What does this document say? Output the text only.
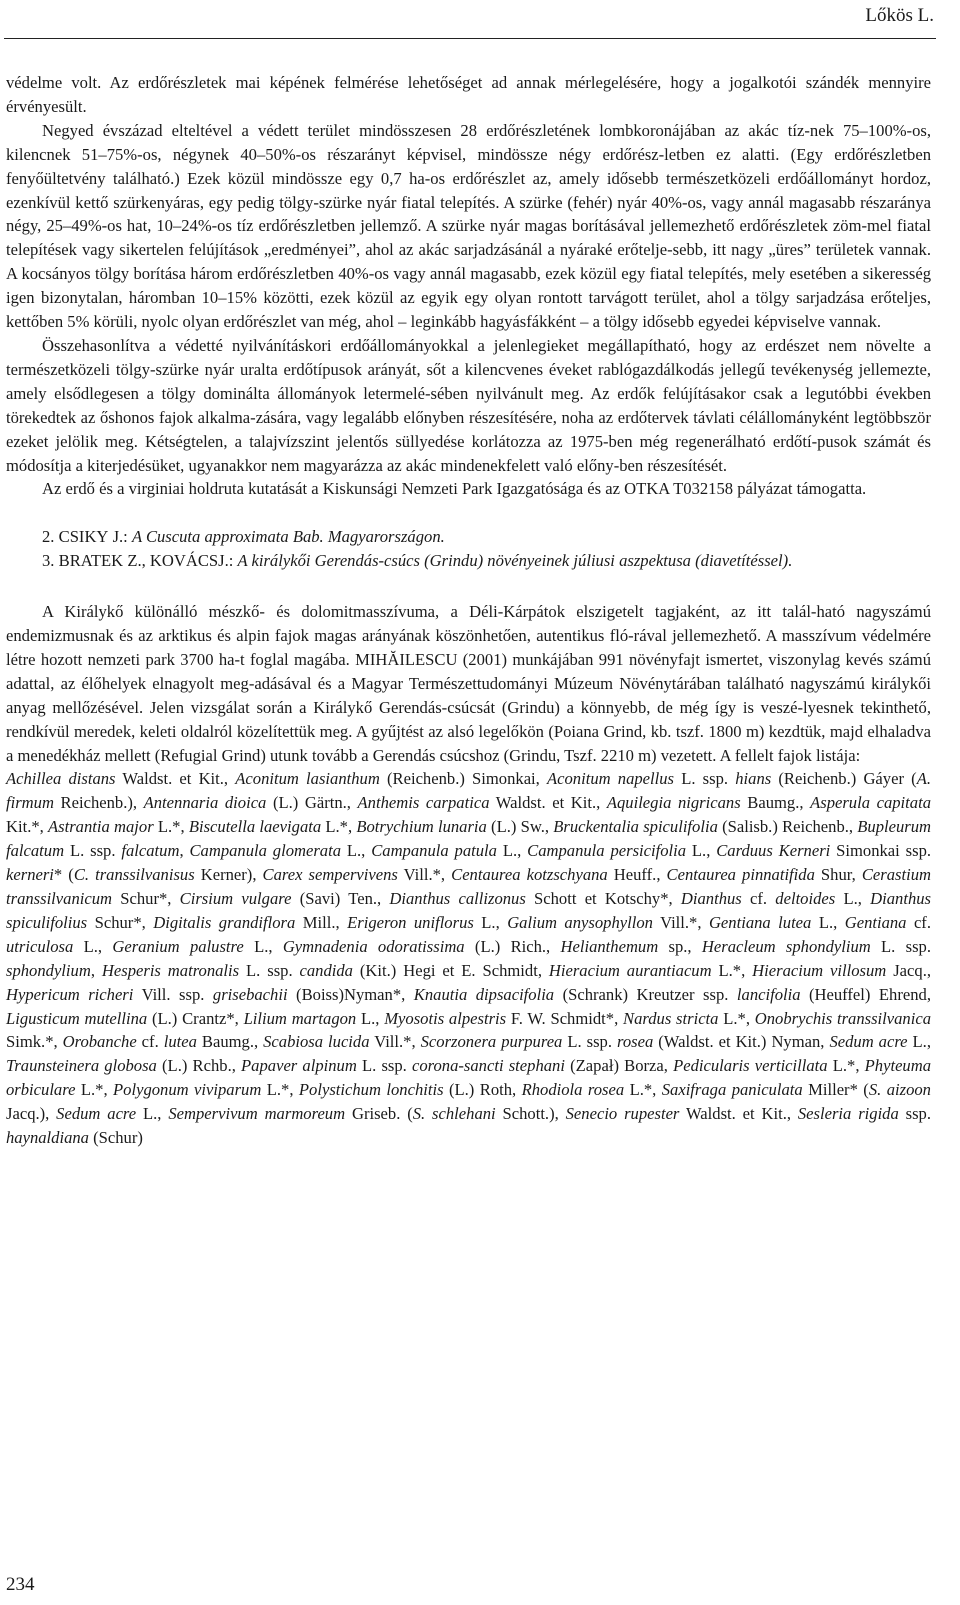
Lőkös L.

védelme volt. Az erdőrészletek mai képének felmérése lehetőséget ad annak mérlegelésére, hogy a jogalkotói szándék mennyire érvényesült.

Negyed évszázad elteltével a védett terület mindösszesen 28 erdőrészletének lombkoronájában az akác tíz-nek 75–100%-os, kilencnek 51–75%-os, négynek 40–50%-os részarányt képvisel, mindössze négy erdőrész-letben ez alatti. (Egy erdőrészletben fenyőültetvény található.) Ezek közül mindössze egy 0,7 ha-os erdőrészlet az, amely idősebb természetközeli erdőállományt hordoz, ezenkívül kettő szürkenyáras, egy pedig tölgy-szürke nyár fiatal telepítés. A szürke (fehér) nyár 40%-os, vagy annál magasabb részaránya négy, 25–49%-os hat, 10–24%-os tíz erdőrészletben jellemző. A szürke nyár magas borításával jellemezhető erdőrészletek zöm-mel fiatal telepítések vagy sikertelen felújítások „eredményei”, ahol az akác sarjadzásánál a nyáraké erőtelje-sebb, itt nagy „üres” területek vannak. A kocsányos tölgy borítása három erdőrészletben 40%-os vagy annál magasabb, ezek közül egy fiatal telepítés, mely esetében a sikeresség igen bizonytalan, háromban 10–15% közötti, ezek közül az egyik egy olyan rontott tarvágott terület, ahol a tölgy sarjadzása erőteljes, kettőben 5% körüli, nyolc olyan erdőrészlet van még, ahol – leginkább hagyásfákként – a tölgy idősebb egyedei képviselve vannak.

Összehasonlítva a védetté nyilvánításkori erdőállományokkal a jelenlegieket megállapítható, hogy az erdészet nem növelte a természetközeli tölgy-szürke nyár uralta erdőtípusok arányát, sőt a kilencvenes éveket rablógazdálkodás jellegű tevékenység jellemezte, amely elsődlegesen a tölgy dominálta állományok letermelé-sében nyilvánult meg. Az erdők felújításakor csak a legutóbbi években törekedtek az őshonos fajok alkalma-zására, vagy legalább előnyben részesítésére, noha az erdőtervek távlati célállományként legtöbbször ezeket jelölik meg. Kétségtelen, a talajvízszint jelentős süllyedése korlátozza az 1975-ben még regenerálható erdőtí-pusok számát és módosítja a kiterjedésüket, ugyanakkor nem magyarázza az akác mindenekfelett való előny-ben részesítését.

Az erdő és a virginiai holdruta kutatását a Kiskunsági Nemzeti Park Igazgatósága és az OTKA T032158 pályázat támogatta.

2. CSIKY J.: A Cuscuta approximata Bab. Magyarországon.

3. BRATEK Z., KOVÁCSJ.: A királykői Gerendás-csúcs (Grindu) növényeinek júliusi aszpektusa (diavetítéssel).

A Királykő különálló mészkő- és dolomitmasszívuma, a Déli-Kárpátok elszigetelt tagjaként, az itt talál-ható nagyszámú endemizmusnak és az arktikus és alpin fajok magas arányának köszönhetően, autentikus fló-rával jellemezhető. A masszívum védelmére létre hozott nemzeti park 3700 ha-t foglal magába. MIHĂILESCU (2001) munkájában 991 növényfajt ismertet, viszonylag kevés számú adattal, az élőhelyek elnagyolt meg-adásával és a Magyar Természettudományi Múzeum Növénytárában található nagyszámú királykői anyag mellőzésével. Jelen vizsgálat során a Királykő Gerendás-csúcsát (Grindu) a könnyebb, de még így is veszé-lyesnek tekinthető, rendkívül meredek, keleti oldalról közelítettük meg. A gyűjtést az alsó legelőkön (Poiana Grind, kb. tszf. 1800 m) kezdtük, majd elhaladva a menedékház mellett (Refugial Grind) utunk tovább a Gerendás csúcshoz (Grindu, Tszf. 2210 m) vezetett. A fellelt fajok listája:

Achillea distans Waldst. et Kit., Aconitum lasianthum (Reichenb.) Simonkai, Aconitum napellus L. ssp. hians (Reichenb.) Gáyer (A. firmum Reichenb.), Antennaria dioica (L.) Gärtn., Anthemis carpatica Waldst. et Kit., Aquilegia nigricans Baumg., Asperula capitata Kit.*, Astrantia major L.*, Biscutella laevigata L.*, Botrychium lunaria (L.) Sw., Bruckentalia spiculifolia (Salisb.) Reichenb., Bupleurum falcatum L. ssp. falcatum, Campanula glomerata L., Campanula patula L., Campanula persicifolia L., Carduus Kerneri Simonkai ssp. kerneri* (C. transsilvanisus Kerner), Carex sempervivens Vill.*, Centaurea kotzschyana Heuff., Centaurea pinnatifida Shur, Cerastium transsilvanicum Schur*, Cirsium vulgare (Savi) Ten., Dianthus callizonus Schott et Kotschy*, Dianthus cf. deltoides L., Dianthus spiculifolius Schur*, Digitalis grandiflora Mill., Erigeron uniflorus L., Galium anysophyllon Vill.*, Gentiana lutea L., Gentiana cf. utriculosa L., Geranium palustre L., Gymnadenia odoratissima (L.) Rich., Helianthemum sp., Heracleum sphondylium L. ssp. sphondylium, Hesperis matronalis L. ssp. candida (Kit.) Hegi et E. Schmidt, Hieracium aurantiacum L.*, Hieracium villosum Jacq., Hypericum richeri Vill. ssp. grisebachii (Boiss)Nyman*, Knautia dipsacifolia (Schrank) Kreutzer ssp. lancifolia (Heuffel) Ehrend, Ligusticum mutellina (L.) Crantz*, Lilium martagon L., Myosotis alpestris F. W. Schmidt*, Nardus stricta L.*, Onobrychis transsilvanica Simk.*, Orobanche cf. lutea Baumg., Scabiosa lucida Vill.*, Scorzonera purpurea L. ssp. rosea (Waldst. et Kit.) Nyman, Sedum acre L., Traunsteinera globosa (L.) Rchb., Papaver alpinum L. ssp. corona-sancti stephani (Zapał) Borza, Pedicularis verticillata L.*, Phyteuma orbiculare L.*, Polygonum viviparum L.*, Polystichum lonchitis (L.) Roth, Rhodiola rosea L.*, Saxifraga paniculata Miller* (S. aizoon Jacq.), Sedum acre L., Sempervivum marmoreum Griseb. (S. schlehani Schott.), Senecio rupester Waldst. et Kit., Sesleria rigida ssp. haynaldiana (Schur)

234
